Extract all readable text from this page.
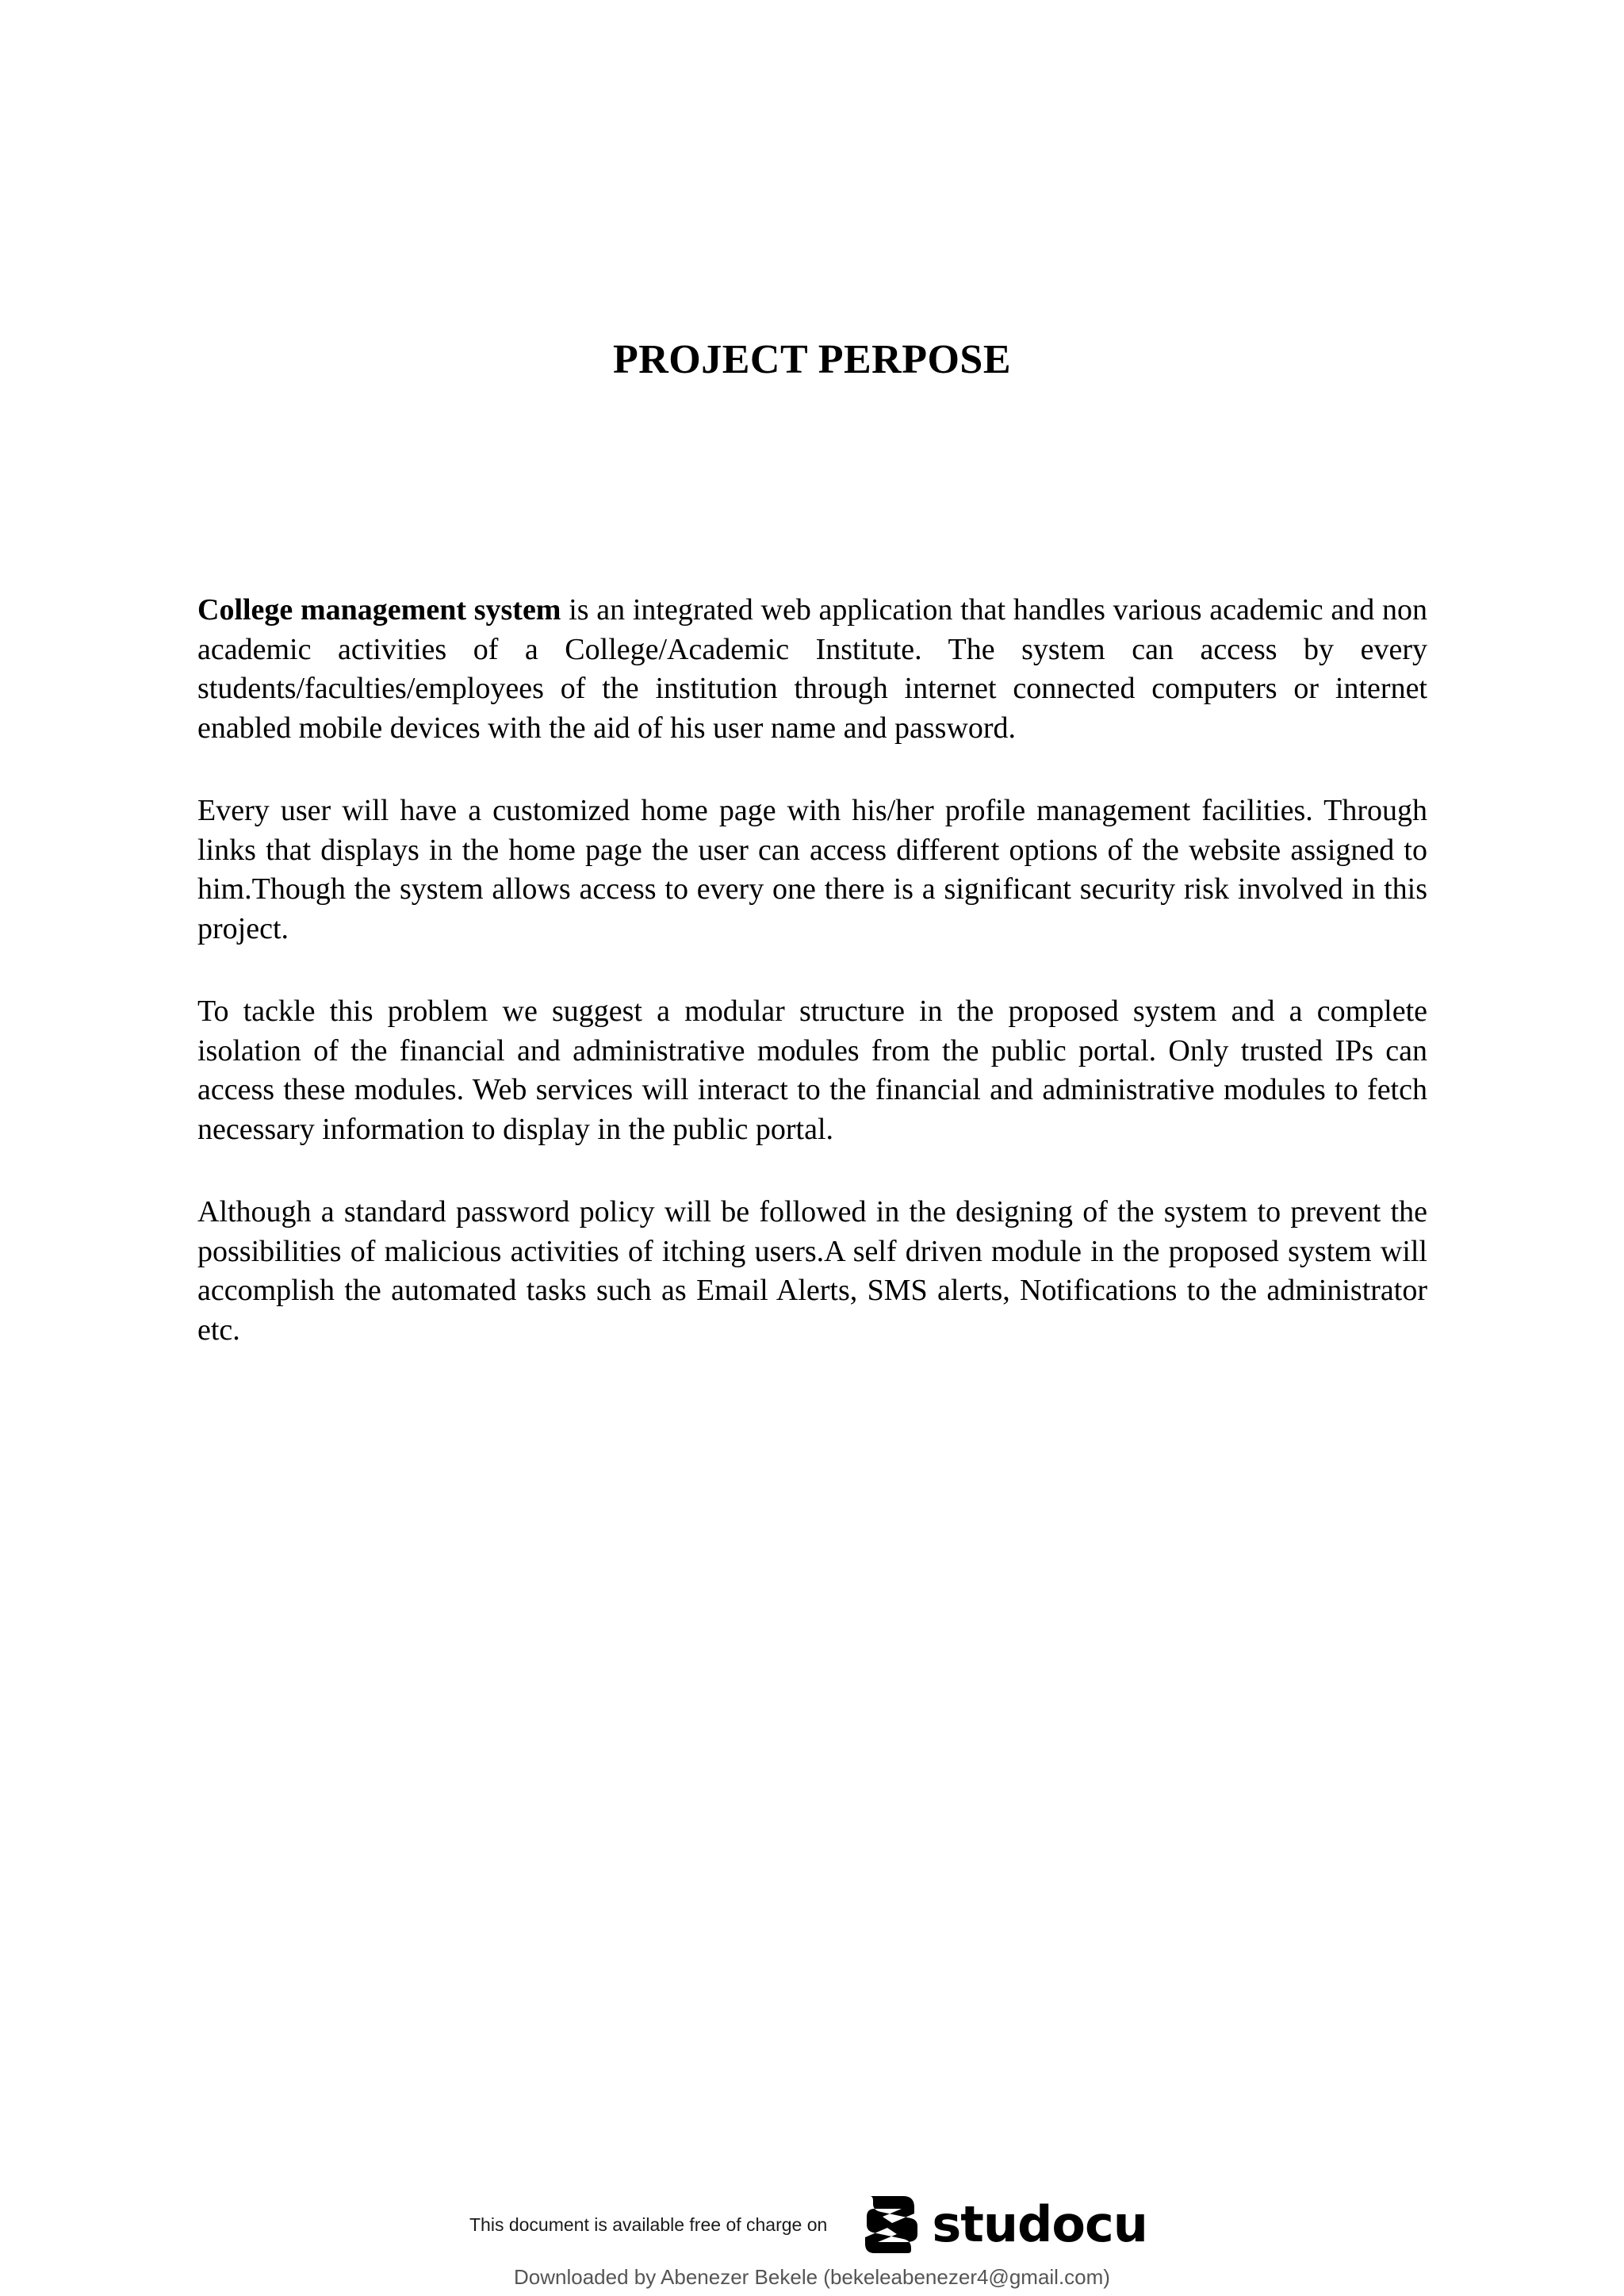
PROJECT PERPOSE

College management system is an integrated web application that handles various academic and non academic activities of a College/Academic Institute. The system can access by every students/faculties/employees of the institution through internet connected computers or internet enabled mobile devices with the aid of his user name and password.

Every user will have a customized home page with his/her profile management facilities. Through links that displays in the home page the user can access different options of the website assigned to him.Though the system allows access to every one there is a significant security risk involved in this project.

To tackle this problem we suggest a modular structure in the proposed system and a complete isolation of the financial and administrative modules from the public portal. Only trusted IPs can access these modules. Web services will interact to the financial and administrative modules to fetch necessary information to display in the public portal.

Although a standard password policy will be followed in the designing of the system to prevent the possibilities of malicious activities of itching users.A self driven module in the proposed system will accomplish the automated tasks such as Email Alerts, SMS alerts, Notifications to the administrator etc.

This document is available free of charge on studocu
Downloaded by Abenezer Bekele (bekeleabenezer4@gmail.com)
